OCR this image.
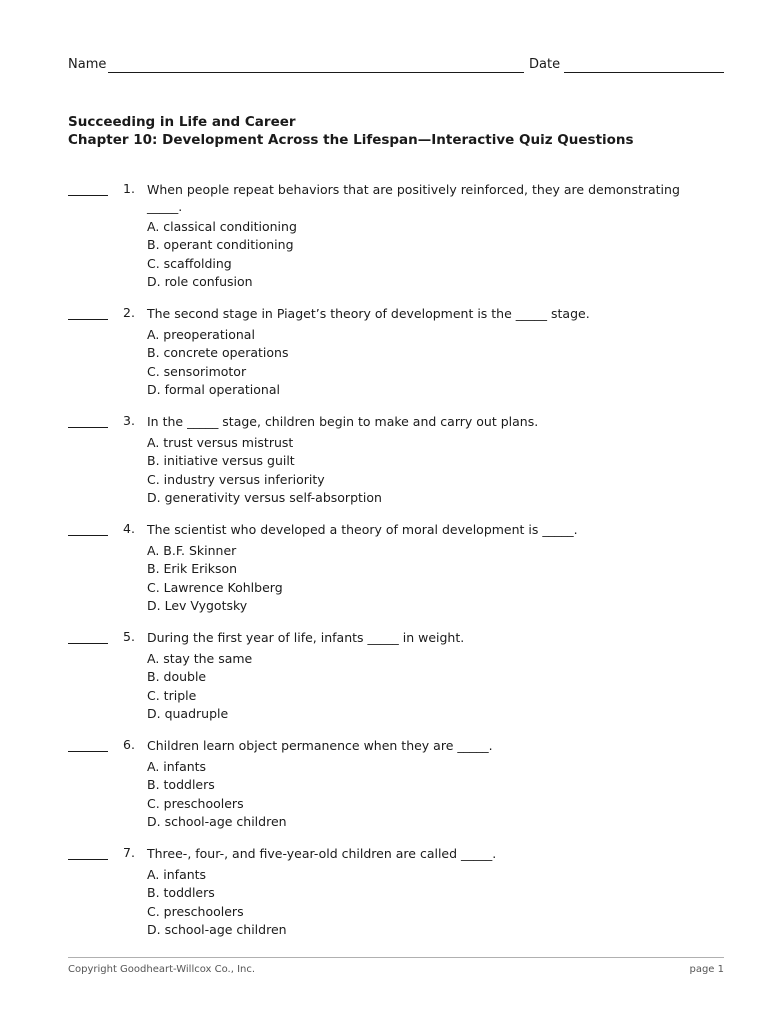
Name	Date
Succeeding in Life and Career
Chapter 10: Development Across the Lifespan—Interactive Quiz Questions
1. When people repeat behaviors that are positively reinforced, they are demonstrating _____.
A. classical conditioning
B. operant conditioning
C. scaffolding
D. role confusion
2. The second stage in Piaget’s theory of development is the _____ stage.
A. preoperational
B. concrete operations
C. sensorimotor
D. formal operational
3. In the _____ stage, children begin to make and carry out plans.
A. trust versus mistrust
B. initiative versus guilt
C. industry versus inferiority
D. generativity versus self-absorption
4. The scientist who developed a theory of moral development is _____.
A. B.F. Skinner
B. Erik Erikson
C. Lawrence Kohlberg
D. Lev Vygotsky
5. During the first year of life, infants _____ in weight.
A. stay the same
B. double
C. triple
D. quadruple
6. Children learn object permanence when they are _____.
A. infants
B. toddlers
C. preschoolers
D. school-age children
7. Three-, four-, and five-year-old children are called _____.
A. infants
B. toddlers
C. preschoolers
D. school-age children
Copyright Goodheart-Willcox Co., Inc.	page 1
